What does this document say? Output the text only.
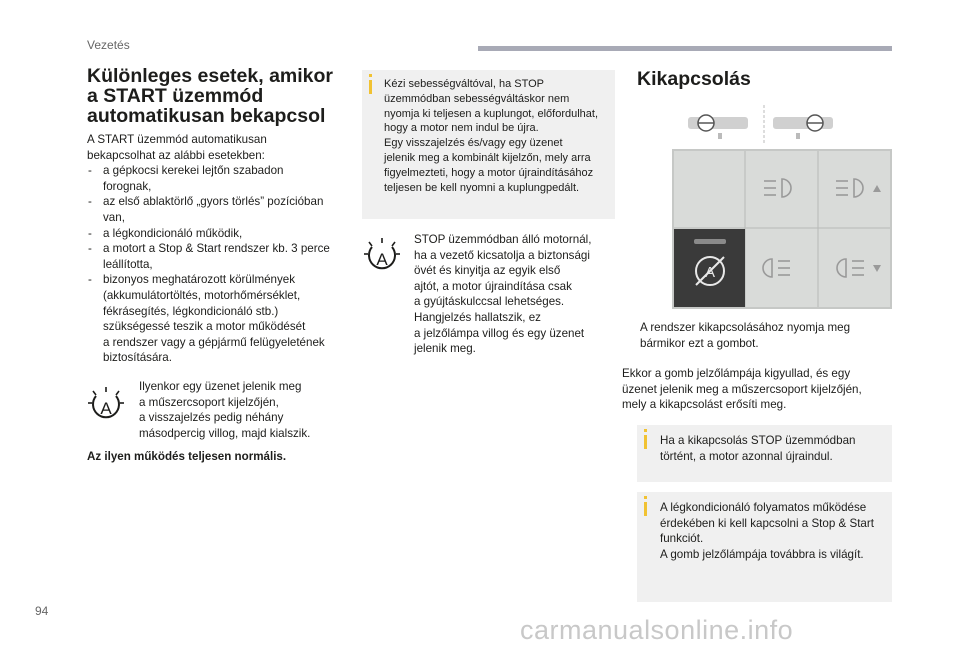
Vezetés
Különleges esetek, amikor
a START üzemmód
automatikusan bekapcsol
A START üzemmód automatikusan
bekapcsolhat az alábbi esetekben:
- a gépkocsi kerekei lejtőn szabadon
forognak,
- az első ablaktörlő „gyors törlés” pozícióban
van,
- a légkondicionáló működik,
- a motort a Stop & Start rendszer kb. 3 perce
leállította,
- bizonyos meghatározott körülmények
(akkumulátortöltés, motorhőmérséklet,
fékrásegítés, légkondicionáló stb.)
szükségessé teszik a motor működését
a rendszer vagy a gépjármű felügyeletének
biztosítására.
A
Ilyenkor egy üzenet jelenik meg
a műszercsoport kijelzőjén,
a visszajelzés pedig néhány
másodpercig villog, majd kialszik.
Az ilyen működés teljesen normális.
Kézi sebességváltóval, ha STOP
üzemmódban sebességváltáskor nem
nyomja ki teljesen a kuplungot, előfordulhat,
hogy a motor nem indul be újra.
Egy visszajelzés és/vagy egy üzenet
jelenik meg a kombinált kijelzőn, mely arra
figyelmezteti, hogy a motor újraindításához
teljesen be kell nyomni a kuplungpedált.
A
STOP üzemmódban álló motornál,
ha a vezető kicsatolja a biztonsági
övét és kinyitja az egyik első
ajtót, a motor újraindítása csak
a gyújtáskulccsal lehetséges.
Hangjelzés hallatszik, ez
a jelzőlámpa villog és egy üzenet
jelenik meg.
Kikapcsolás
A
A rendszer kikapcsolásához nyomja meg
bármikor ezt a gombot.
Ekkor a gomb jelzőlámpája kigyullad, és egy
üzenet jelenik meg a műszercsoport kijelzőjén,
mely a kikapcsolást erősíti meg.
Ha a kikapcsolás STOP üzemmódban
történt, a motor azonnal újraindul.
A légkondicionáló folyamatos működése
érdekében ki kell kapcsolni a Stop & Start
funkciót.
A gomb jelzőlámpája továbbra is világít.
94
carmanualsonline.info
